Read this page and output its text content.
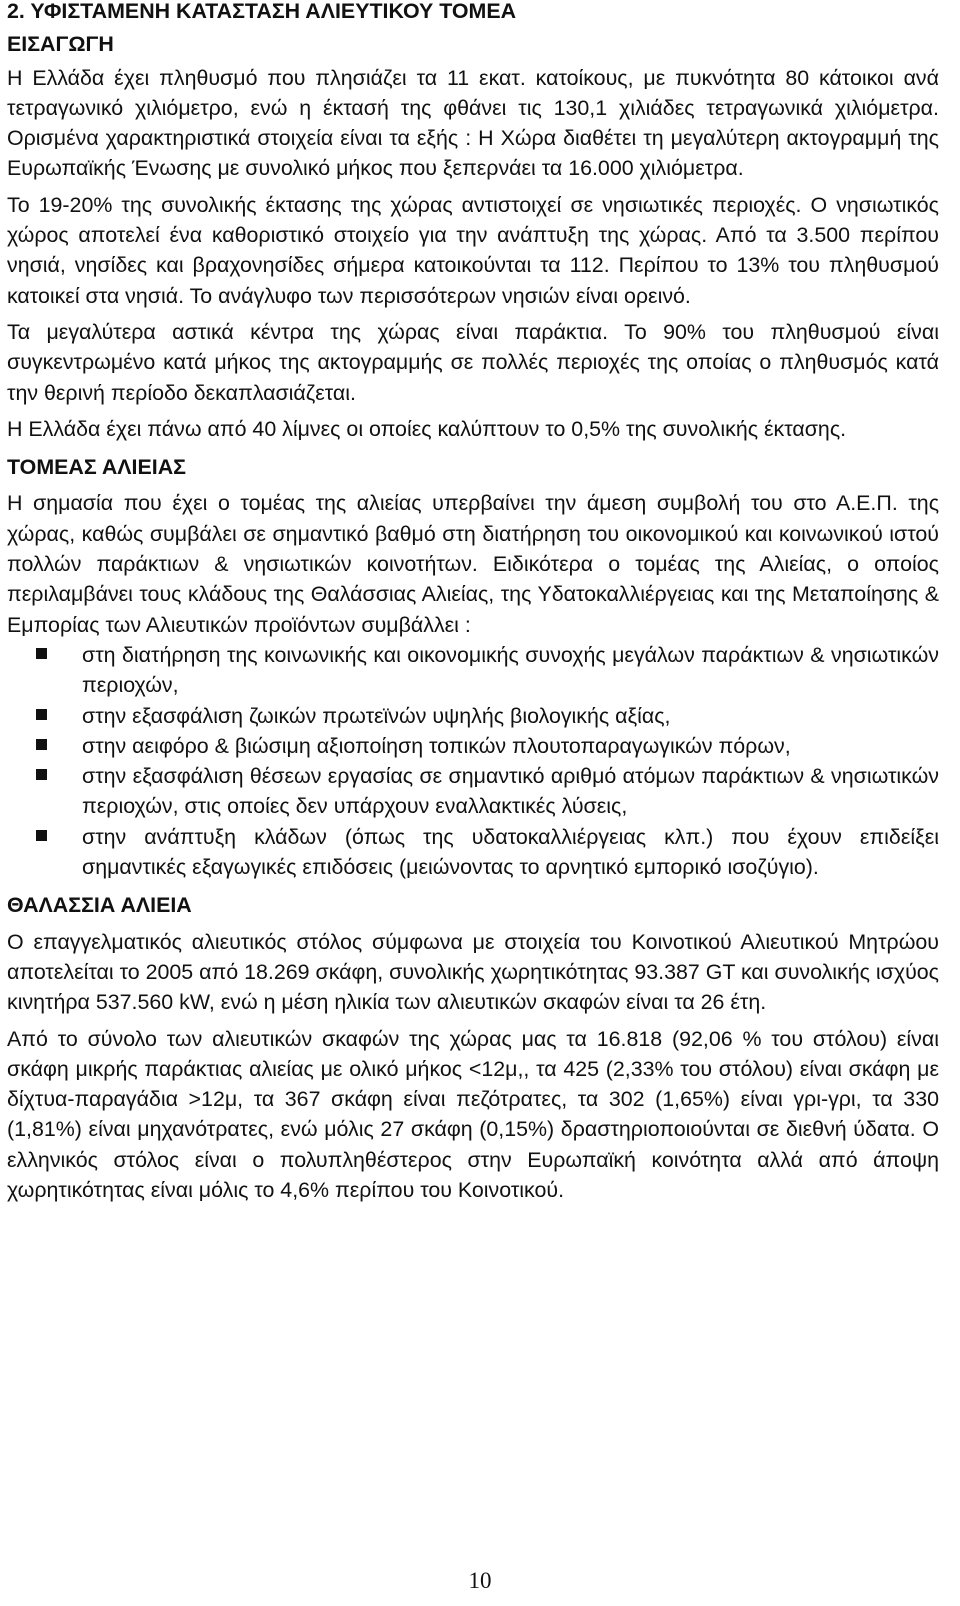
2. ΥΦΙΣΤΑΜΕΝΗ ΚΑΤΑΣΤΑΣΗ ΑΛΙΕΥΤΙΚΟΥ ΤΟΜΕΑ

ΕΙΣΑΓΩΓΗ

Η Ελλάδα έχει πληθυσμό που πλησιάζει τα 11 εκατ. κατοίκους, με πυκνότητα 80 κάτοικοι ανά τετραγωνικό χιλιόμετρο, ενώ η έκτασή της φθάνει τις 130,1 χιλιάδες τετραγωνικά χιλιόμετρα. Ορισμένα χαρακτηριστικά στοιχεία είναι τα εξής : Η Χώρα διαθέτει τη μεγαλύτερη ακτογραμμή της Ευρωπαϊκής Ένωσης με συνολικό μήκος που ξεπερνάει τα 16.000 χιλιόμετρα.

Το 19-20% της συνολικής έκτασης της χώρας αντιστοιχεί σε νησιωτικές περιοχές. Ο νησιωτικός χώρος αποτελεί ένα καθοριστικό στοιχείο για την ανάπτυξη της χώρας. Από τα 3.500 περίπου νησιά, νησίδες και βραχονησίδες σήμερα κατοικούνται τα 112. Περίπου το 13% του πληθυσμού κατοικεί στα νησιά. Το ανάγλυφο των περισσότερων νησιών είναι ορεινό.

Τα μεγαλύτερα αστικά κέντρα της χώρας είναι παράκτια. Το 90% του πληθυσμού είναι συγκεντρωμένο κατά μήκος της ακτογραμμής σε πολλές περιοχές της οποίας ο πληθυσμός κατά την θερινή περίοδο δεκαπλασιάζεται.

Η Ελλάδα έχει πάνω από 40 λίμνες οι οποίες καλύπτουν το 0,5% της συνολικής έκτασης.

ΤΟΜΕΑΣ ΑΛΙΕΙΑΣ

Η σημασία που έχει ο τομέας της αλιείας υπερβαίνει την άμεση συμβολή του στο Α.Ε.Π. της χώρας, καθώς συμβάλει σε σημαντικό βαθμό στη διατήρηση του οικονομικού και κοινωνικού ιστού πολλών παράκτιων & νησιωτικών κοινοτήτων. Ειδικότερα ο τομέας της Αλιείας, ο οποίος περιλαμβάνει τους κλάδους της Θαλάσσιας Αλιείας, της Υδατοκαλλιέργειας και της Μεταποίησης & Εμπορίας των Αλιευτικών προϊόντων συμβάλλει :

στη διατήρηση της κοινωνικής και οικονομικής συνοχής μεγάλων παράκτιων & νησιωτικών περιοχών,
στην εξασφάλιση ζωικών πρωτεϊνών υψηλής βιολογικής αξίας,
στην αειφόρο & βιώσιμη αξιοποίηση τοπικών πλουτοπαραγωγικών πόρων,
στην εξασφάλιση θέσεων εργασίας σε σημαντικό αριθμό ατόμων παράκτιων & νησιωτικών περιοχών, στις οποίες δεν υπάρχουν εναλλακτικές λύσεις,
στην ανάπτυξη κλάδων (όπως της υδατοκαλλιέργειας κλπ.) που έχουν επιδείξει σημαντικές εξαγωγικές επιδόσεις (μειώνοντας το αρνητικό εμπορικό ισοζύγιο).

ΘΑΛΑΣΣΙΑ ΑΛΙΕΙΑ

Ο επαγγελματικός αλιευτικός στόλος σύμφωνα με στοιχεία του Κοινοτικού Αλιευτικού Μητρώου αποτελείται το 2005 από 18.269 σκάφη, συνολικής χωρητικότητας 93.387 GT και συνολικής ισχύος κινητήρα 537.560 kW, ενώ η μέση ηλικία των αλιευτικών σκαφών είναι τα 26 έτη.

Από το σύνολο των αλιευτικών σκαφών της χώρας μας τα 16.818 (92,06 % του στόλου) είναι σκάφη μικρής παράκτιας αλιείας με ολικό μήκος <12μ,, τα 425 (2,33% του στόλου) είναι σκάφη με δίχτυα-παραγάδια >12μ, τα 367 σκάφη είναι πεζότρατες, τα 302 (1,65%) είναι γρι-γρι, τα 330 (1,81%) είναι μηχανότρατες, ενώ μόλις 27 σκάφη (0,15%) δραστηριοποιούνται σε διεθνή ύδατα. Ο ελληνικός στόλος είναι ο πολυπληθέστερος στην Ευρωπαϊκή κοινότητα αλλά από άποψη χωρητικότητας είναι μόλις το 4,6% περίπου του Κοινοτικού.

10
